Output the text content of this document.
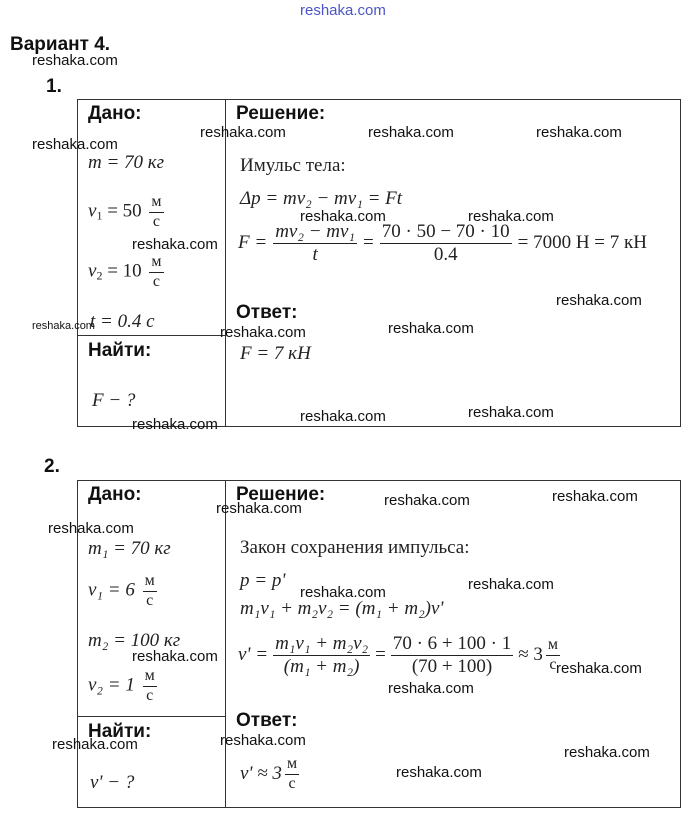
reshaka.com
Вариант 4.
reshaka.com
1.
Дано:	Решение:
m = 70 кг
$v_1 = 50 \frac{м}{с}$
$v_2 = 10 \frac{м}{с}$
t = 0.4 с
Найти:
F − ?
Имульс тела:
Δp = mv₂ − mv₁ = Ft
$F = \frac{\text{mv₂ − mv₁}}{t} = \frac{70 \cdot 50 - 70 \cdot 10}{0.4} = 7000$ Н = 7 кН
Ответ:
F = 7 кН
reshaka.com	reshaka.com	reshaka.com
reshaka.com
reshaka.com	reshaka.com
reshaka.com
reshaka.com
reshaka.com	reshaka.com
reshaka.com
reshaka.com	reshaka.com
reshaka.com
2.
Дано:	Решение:
m₁ = 70 кг
$v_1 = 6 \frac{м}{с}$
m₂ = 100 кг
$v_2 = 1 \frac{м}{с}$
Найти:
v' − ?
Закон сохранения импульса:
p = p'
m₁v₁ + m₂v₂ = (m₁ + m₂)v'
$v' = \frac{\text{m₁v₁ + m₂v₂}}{\text{(m₁ + m₂)}} = \frac{70 \cdot 6 + 100 \cdot 1}{(70 + 100)} \approx 3 \frac{м}{с}$
Ответ:
$v' \approx 3 \frac{м}{с}$
reshaka.com	reshaka.com
reshaka.com
reshaka.com
reshaka.com
reshaka.com
reshaka.com
reshaka.com
reshaka.com
reshaka.com
reshaka.com	reshaka.com
reshaka.com
